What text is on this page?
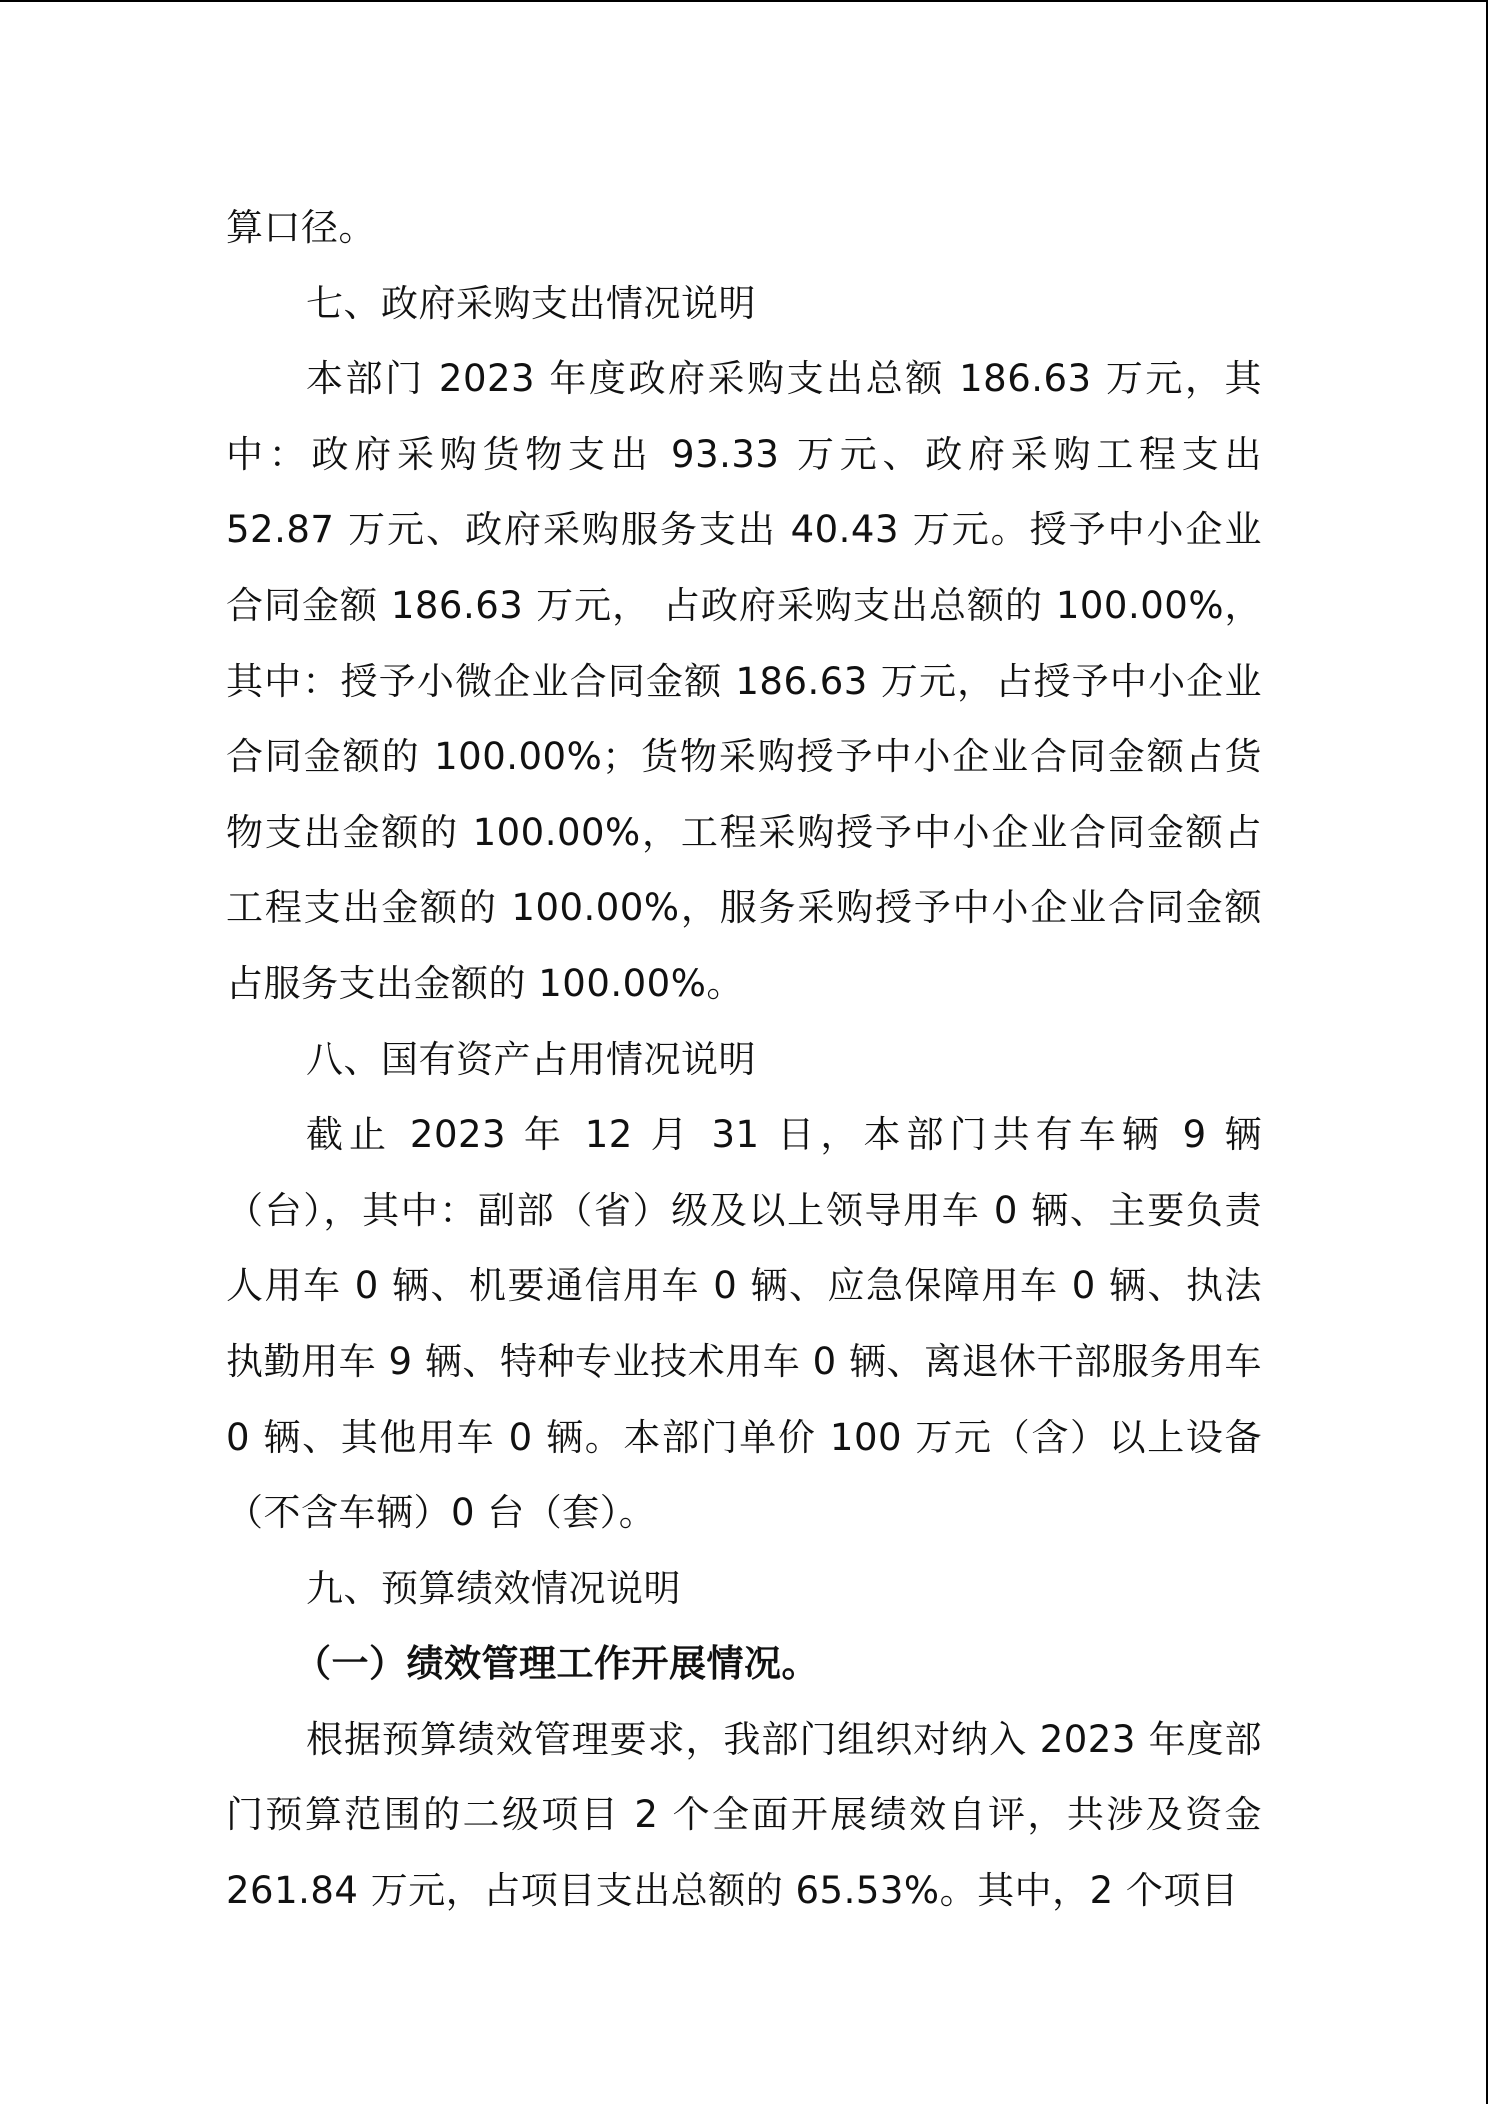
算口径。

七、政府采购支出情况说明

本部门 2023 年度政府采购支出总额 186.63 万元，其中：政府采购货物支出 93.33 万元、政府采购工程支出 52.87 万元、政府采购服务支出 40.43 万元。授予中小企业合同金额 186.63 万元， 占政府采购支出总额的 100.00%，其中：授予小微企业合同金额 186.63 万元，占授予中小企业合同金额的 100.00%；货物采购授予中小企业合同金额占货物支出金额的 100.00%，工程采购授予中小企业合同金额占工程支出金额的 100.00%，服务采购授予中小企业合同金额占服务支出金额的 100.00%。

八、国有资产占用情况说明

截止 2023 年 12 月 31 日，本部门共有车辆 9 辆（台），其中：副部（省）级及以上领导用车 0 辆、主要负责人用车 0 辆、机要通信用车 0 辆、应急保障用车 0 辆、执法执勤用车 9 辆、特种专业技术用车 0 辆、离退休干部服务用车 0 辆、其他用车 0 辆。本部门单价 100 万元（含）以上设备（不含车辆）0 台（套）。

九、预算绩效情况说明

（一）绩效管理工作开展情况。

根据预算绩效管理要求，我部门组织对纳入 2023 年度部门预算范围的二级项目 2 个全面开展绩效自评，共涉及资金 261.84 万元，占项目支出总额的 65.53%。其中，2 个项目
